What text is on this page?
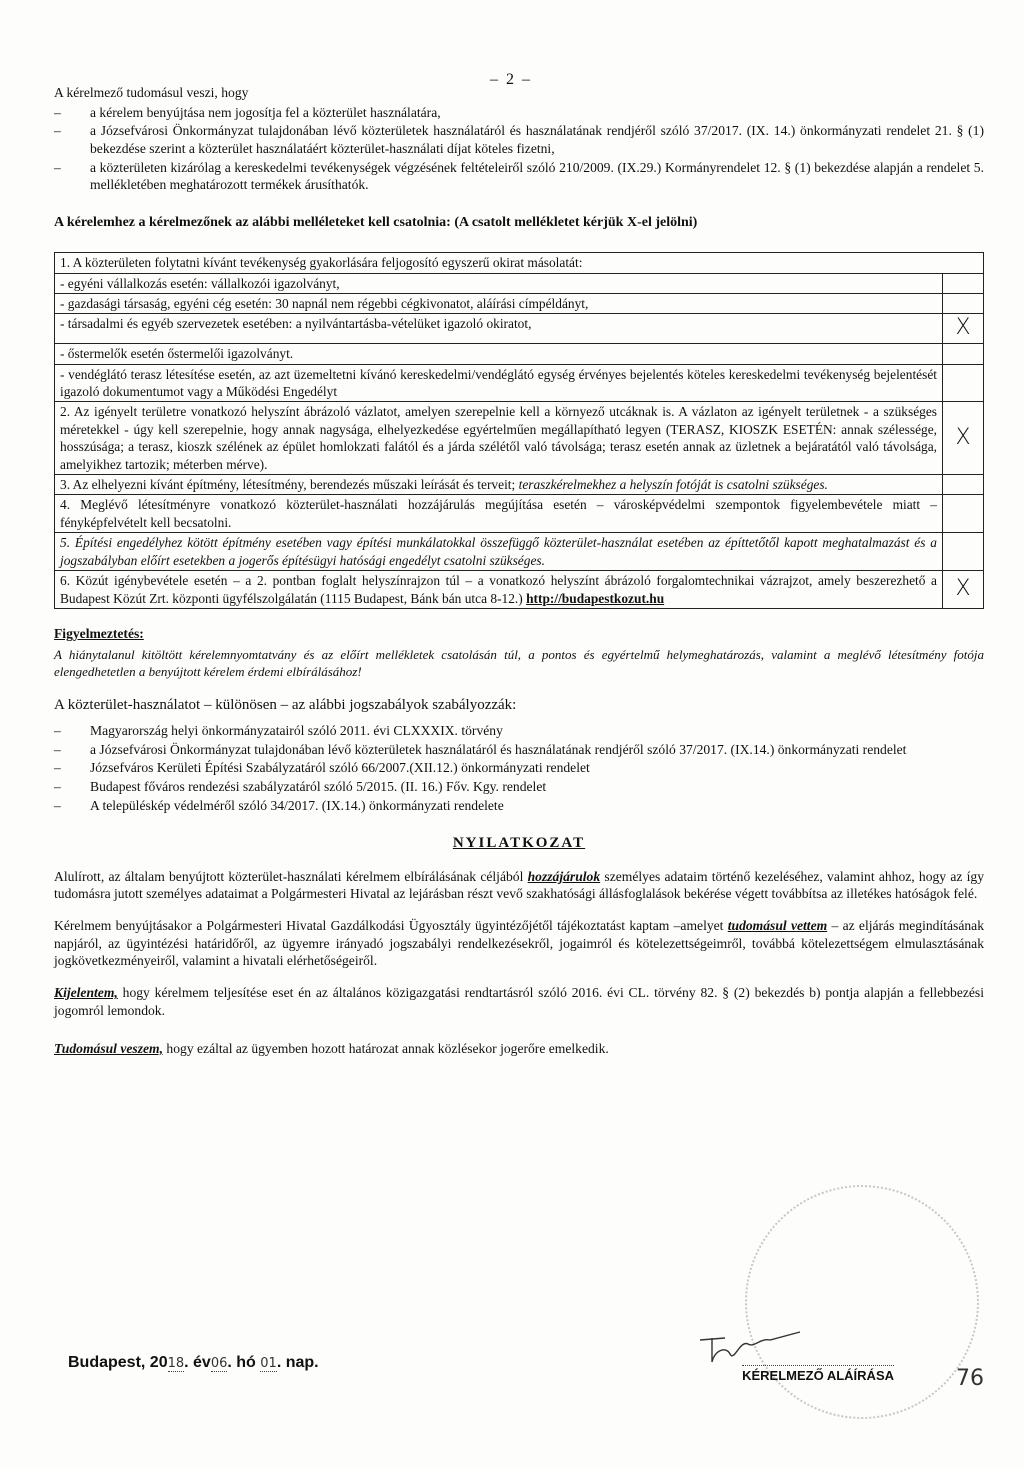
– 2 –

A kérelmező tudomásul veszi, hogy

– a kérelem benyújtása nem jogosítja fel a közterület használatára,
– a Józsefvárosi Önkormányzat tulajdonában lévő közterületek használatáról és használatának rendjéről szóló 37/2017. (IX. 14.) önkormányzati rendelet 21. § (1) bekezdése szerint a közterület használatáért közterület-használati díjat köteles fizetni,
– a közterületen kizárólag a kereskedelmi tevékenységek végzésének feltételeiről szóló 210/2009. (IX.29.) Kormányrendelet 12. § (1) bekezdése alapján a rendelet 5. mellékletében meghatározott termékek árusíthatók.

A kérelemhez a kérelmezőnek az alábbi melléleteket kell csatolnia: (A csatolt mellékletet kérjük X-el jelölni)

1. A közterületen folytatni kívánt tevékenység gyakorlására feljogosító egyszerű okirat másolatát:	
- egyéni vállalkozás esetén: vállalkozói igazolványt,	
- gazdasági társaság, egyéni cég esetén: 30 napnál nem régebbi cégkivonatot, aláírási címpéldányt,	
- társadalmi és egyéb szervezetek esetében: a nyilvántartásba-vételüket igazoló okiratot,	X
- őstermelők esetén őstermelői igazolványt.	
- vendéglátó terasz létesítése esetén, az azt üzemeltetni kívánó kereskedelmi/vendéglátó egység érvényes bejelentés köteles kereskedelmi tevékenység bejelentését igazoló dokumentumot vagy a Működési Engedélyt	
2. Az igényelt területre vonatkozó helyszínt ábrázoló vázlatot, amelyen szerepelnie kell a környező utcáknak is. A vázlaton az igényelt területnek - a szükséges méretekkel - úgy kell szerepelnie, hogy annak nagysága, elhelyezkedése egyértelműen megállapítható legyen (TERASZ, KIOSZK ESETÉN: annak szélessége, hosszúsága; a terasz, kioszk szélének az épület homlokzati falától és a járda szélétől való távolsága; terasz esetén annak az üzletnek a bejáratától való távolsága, amelyikhez tartozik; méterben mérve).	X
3. Az elhelyezni kívánt építmény, létesítmény, berendezés műszaki leírását és terveit; teraszkérelmekhez a helyszín fotóját is csatolni szükséges.	
4. Meglévő létesítményre vonatkozó közterület-használati hozzájárulás megújítása esetén – városképvédelmi szempontok figyelembevétele miatt – fényképfelvételt kell becsatolni.	
5. Építési engedélyhez kötött építmény esetében vagy építési munkálatokkal összefüggő közterület-használat esetében az építtetőtől kapott meghatalmazást és a jogszabályban előírt esetekben a jogerős építésügyi hatósági engedélyt csatolni szükséges.	
6. Közút igénybevétele esetén – a 2. pontban foglalt helyszínrajzon túl – a vonatkozó helyszínt ábrázoló forgalomtechnikai vázrajzot, amely beszerezhető a Budapest Közút Zrt. központi ügyfélszolgálatán (1115 Budapest, Bánk bán utca 8-12.) http://budapestkozut.hu	X
Figyelmeztetés:
A hiánytalanul kitöltött kérelemnyomtatvány és az előírt mellékletek csatolásán túl, a pontos és egyértelmű helymeghatározás, valamint a meglévő létesítmény fotója elengedhetetlen a benyújtott kérelem érdemi elbírálásához!
A közterület-használatot – különösen – az alábbi jogszabályok szabályozzák:
– Magyarország helyi önkormányzatairól szóló 2011. évi CLXXXIX. törvény
– a Józsefvárosi Önkormányzat tulajdonában lévő közterületek használatáról és használatának rendjéről szóló 37/2017. (IX.14.) önkormányzati rendelet
– Józsefváros Kerületi Építési Szabályzatáról szóló 66/2007.(XII.12.) önkormányzati rendelet
– Budapest főváros rendezési szabályzatáról szóló 5/2015. (II. 16.) Főv. Kgy. rendelet
– A településkép védelméről szóló 34/2017. (IX.14.) önkormányzati rendelete
NYILATKOZAT

Alulírott, az általam benyújtott közterület-használati kérelmem elbírálásának céljából hozzájárulok személyes adataim történő kezeléséhez, valamint ahhoz, hogy az így tudomásra jutott személyes adataimat a Polgármesteri Hivatal az lejárásban részt vevő szakhatósági állásfoglalások bekérése végett továbbítsa az illetékes hatóságok felé.

Kérelmem benyújtásakor a Polgármesteri Hivatal Gazdálkodási Ügyosztály ügyintézőjétől tájékoztatást kaptam –amelyet tudomásul vettem – az eljárás megindításának napjáról, az ügyintézési határidőről, az ügyemre irányadó jogszabályi rendelkezésekről, jogaimról és kötelezettségeimről, továbbá kötelezettségem elmulasztásának jogkövetkezményeiről, valamint a hivatali elérhetőségeiről.

Kijelentem, hogy kérelmem teljesítése eset én az általános közigazgatási rendtartásról szóló 2016. évi CL. törvény 82. § (2) bekezdés b) pontja alapján a fellebbezési jogomról lemondok.

Tudomásul veszem, hogy ezáltal az ügyemben hozott határozat annak közlésekor jogerőre emelkedik.

Budapest, 2018. év06. hó 01. nap.
KÉRELMEZŐ ALÁÍRÁSA	76
